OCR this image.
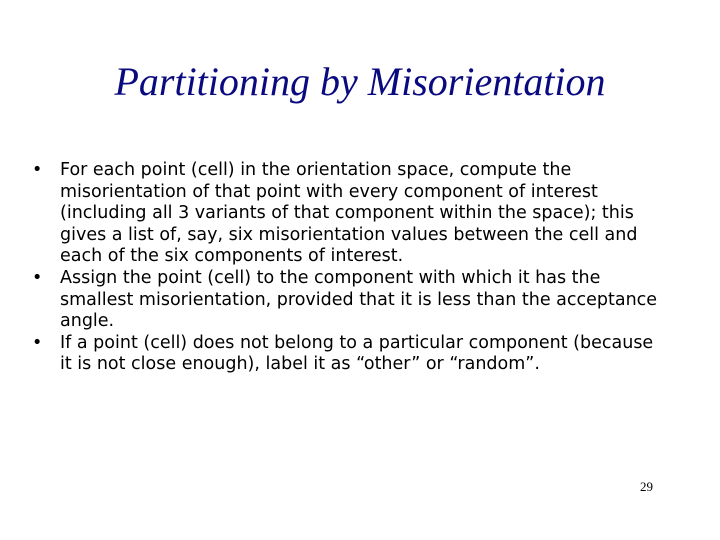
Partitioning by Misorientation
• For each point (cell) in the orientation space, compute the misorientation of that point with every component of interest (including all 3 variants of that component within the space); this gives a list of, say, six misorientation values between the cell and each of the six components of interest.
• Assign the point (cell) to the component with which it has the smallest misorientation, provided that it is less than the acceptance angle.
• If a point (cell) does not belong to a particular component (because it is not close enough), label it as “other” or “random”.
29
